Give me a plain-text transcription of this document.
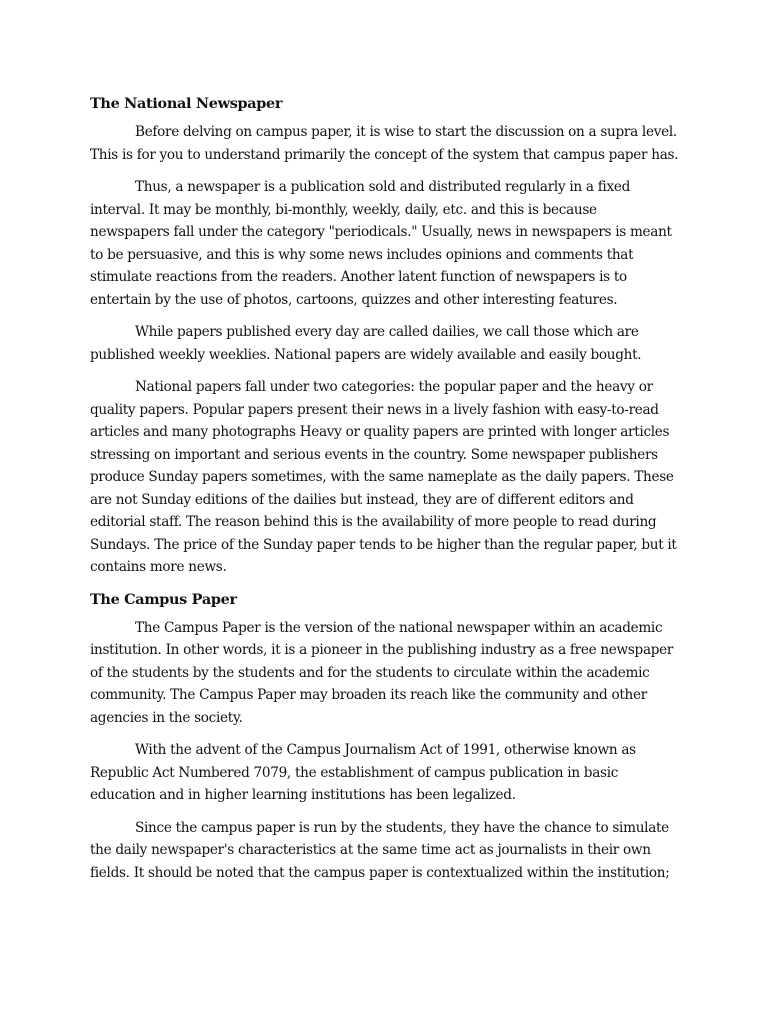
The National Newspaper

Before delving on campus paper, it is wise to start the discussion on a supra level. This is for you to understand primarily the concept of the system that campus paper has.

Thus, a newspaper is a publication sold and distributed regularly in a fixed interval. It may be monthly, bi-monthly, weekly, daily, etc. and this is because newspapers fall under the category "periodicals." Usually, news in newspapers is meant to be persuasive, and this is why some news includes opinions and comments that stimulate reactions from the readers. Another latent function of newspapers is to entertain by the use of photos, cartoons, quizzes and other interesting features.

While papers published every day are called dailies, we call those which are published weekly weeklies. National papers are widely available and easily bought.

National papers fall under two categories: the popular paper and the heavy or quality papers. Popular papers present their news in a lively fashion with easy-to-read articles and many photographs Heavy or quality papers are printed with longer articles stressing on important and serious events in the country. Some newspaper publishers produce Sunday papers sometimes, with the same nameplate as the daily papers. These are not Sunday editions of the dailies but instead, they are of different editors and editorial staff. The reason behind this is the availability of more people to read during Sundays. The price of the Sunday paper tends to be higher than the regular paper, but it contains more news.

The Campus Paper

The Campus Paper is the version of the national newspaper within an academic institution. In other words, it is a pioneer in the publishing industry as a free newspaper of the students by the students and for the students to circulate within the academic community. The Campus Paper may broaden its reach like the community and other agencies in the society.

With the advent of the Campus Journalism Act of 1991, otherwise known as Republic Act Numbered 7079, the establishment of campus publication in basic education and in higher learning institutions has been legalized.

Since the campus paper is run by the students, they have the chance to simulate the daily newspaper's characteristics at the same time act as journalists in their own fields. It should be noted that the campus paper is contextualized within the institution;
